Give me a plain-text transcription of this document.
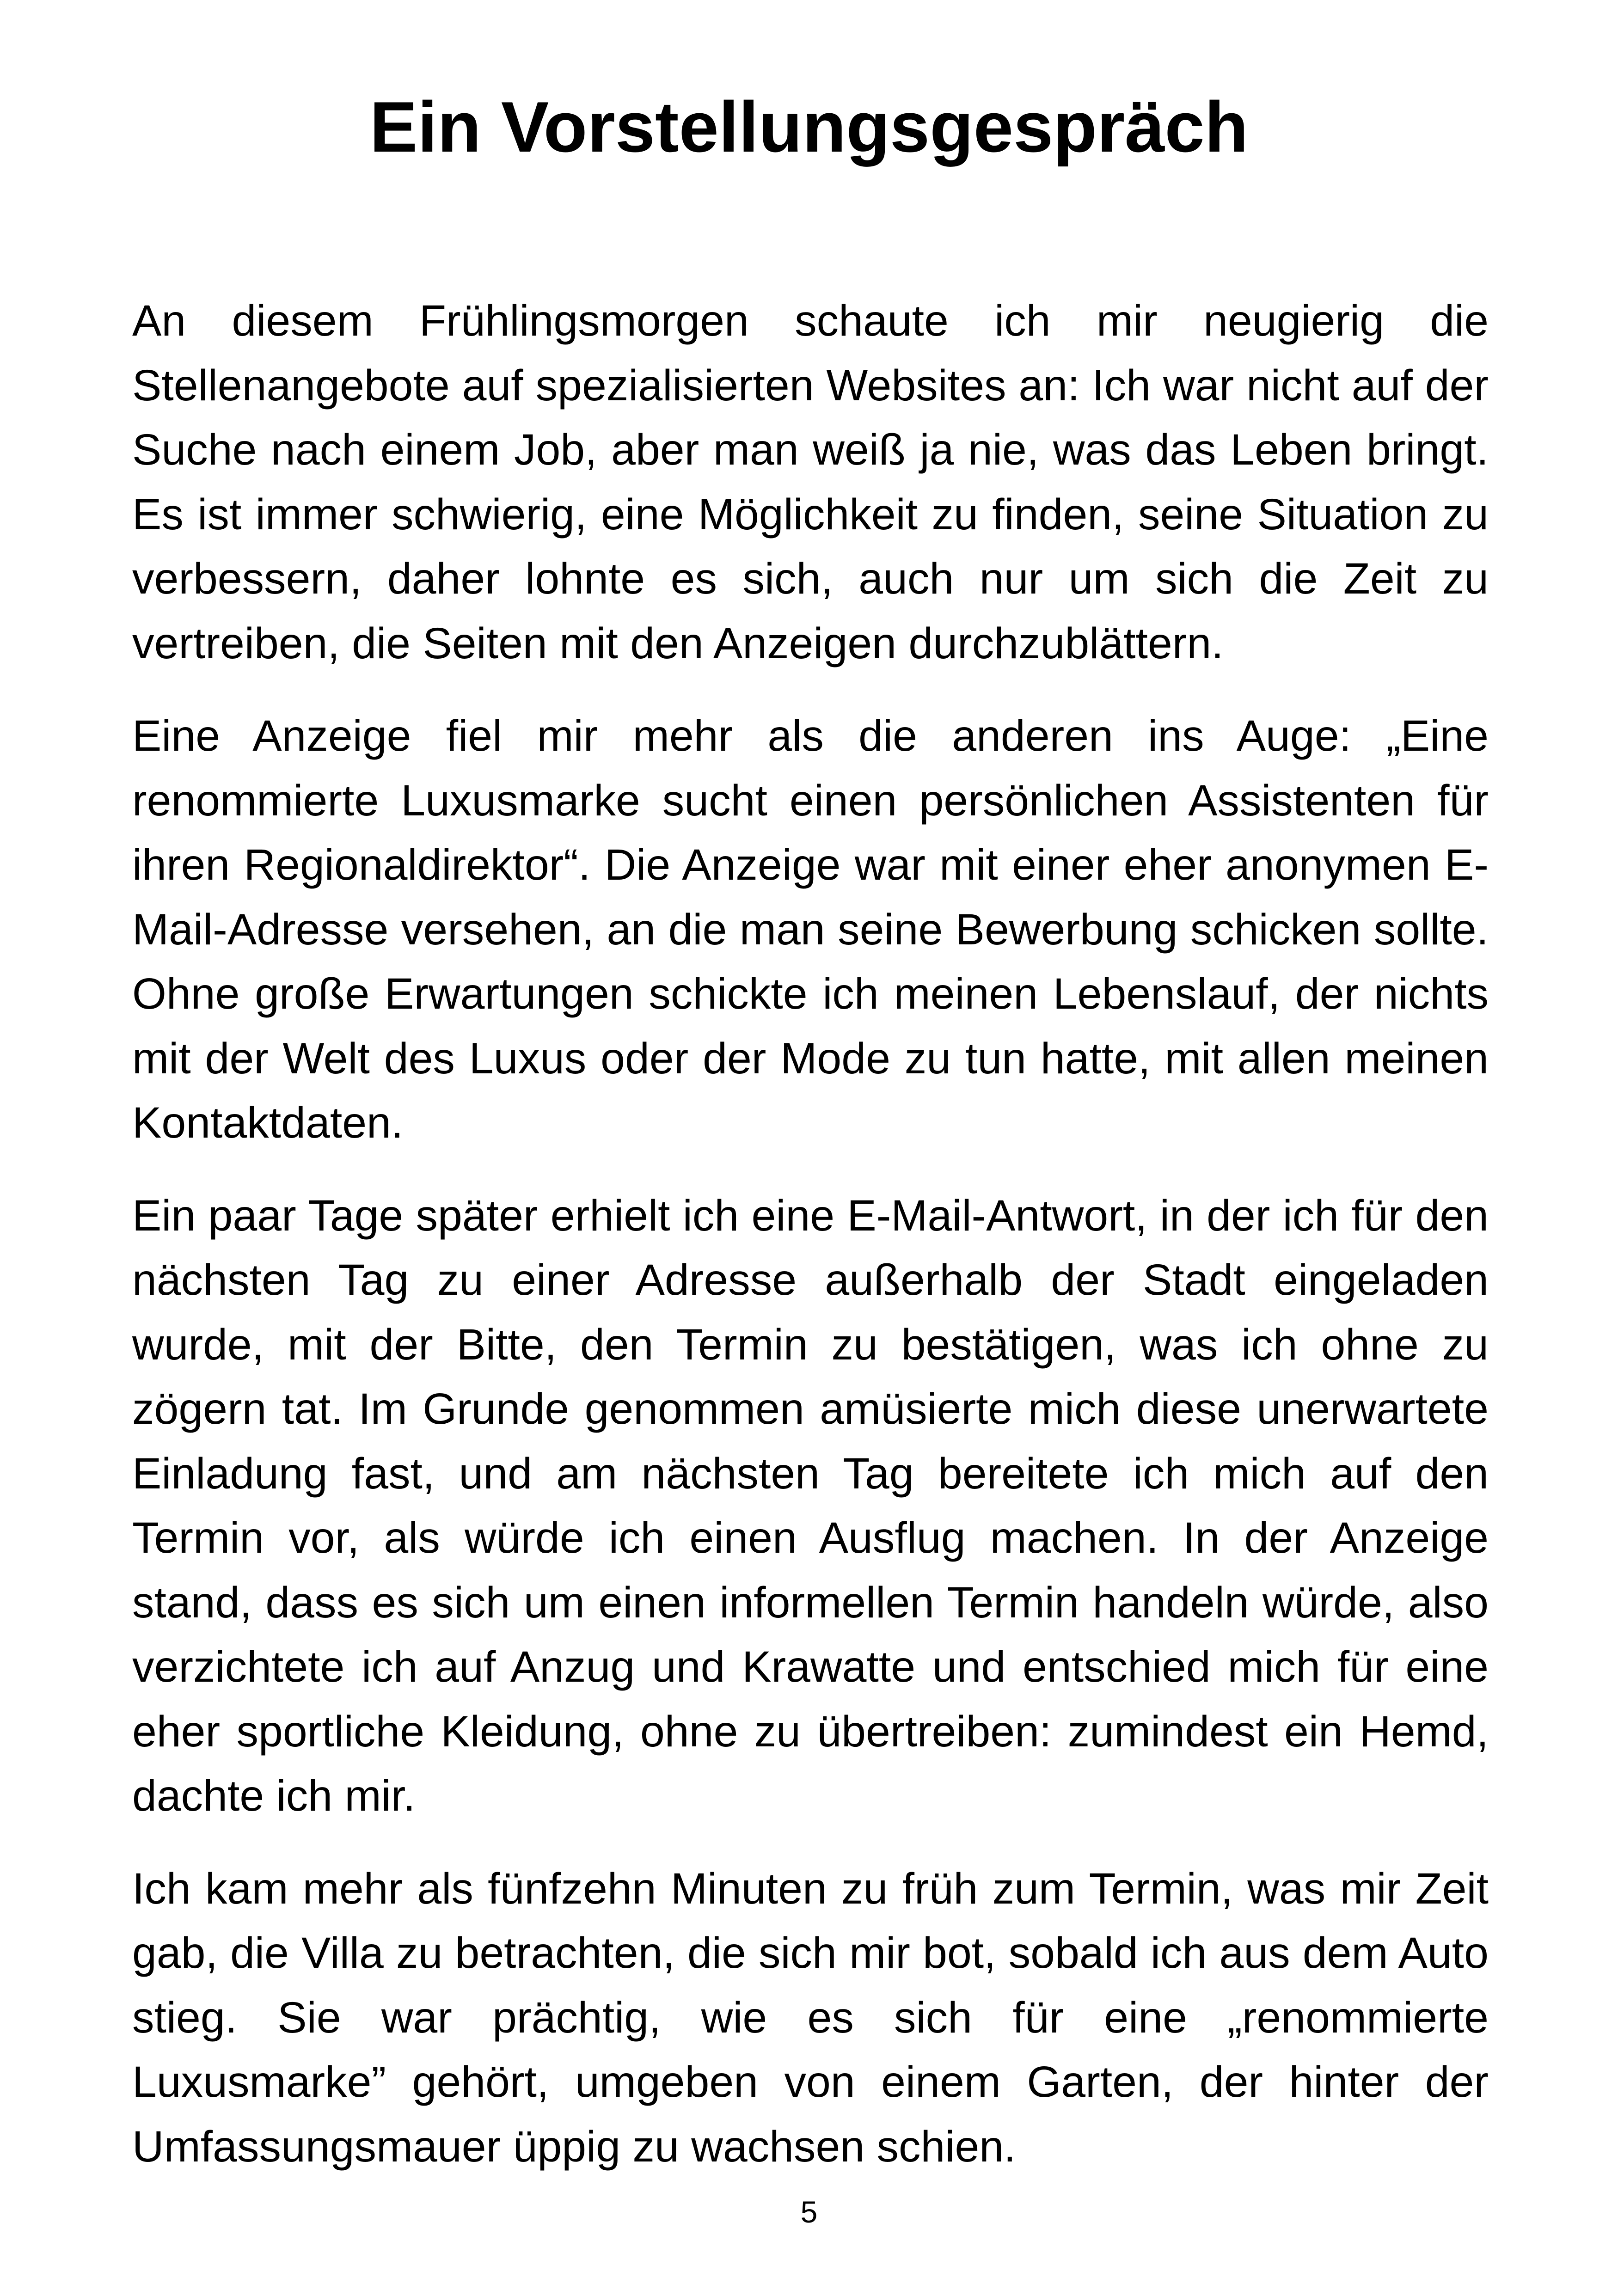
Ein Vorstellungsgespräch

An diesem Frühlingsmorgen schaute ich mir neugierig die Stellenangebote auf spezialisierten Websites an: Ich war nicht auf der Suche nach einem Job, aber man weiß ja nie, was das Leben bringt. Es ist immer schwierig, eine Möglichkeit zu finden, seine Situation zu verbessern, daher lohnte es sich, auch nur um sich die Zeit zu vertreiben, die Seiten mit den Anzeigen durchzublättern.

Eine Anzeige fiel mir mehr als die anderen ins Auge: „Eine renommierte Luxusmarke sucht einen persönlichen Assistenten für ihren Regionaldirektor“. Die Anzeige war mit einer eher anonymen E-Mail-Adresse versehen, an die man seine Bewerbung schicken sollte. Ohne große Erwartungen schickte ich meinen Lebenslauf, der nichts mit der Welt des Luxus oder der Mode zu tun hatte, mit allen meinen Kontaktdaten.

Ein paar Tage später erhielt ich eine E-Mail-Antwort, in der ich für den nächsten Tag zu einer Adresse außerhalb der Stadt eingeladen wurde, mit der Bitte, den Termin zu bestätigen, was ich ohne zu zögern tat. Im Grunde genommen amüsierte mich diese unerwartete Einladung fast, und am nächsten Tag bereitete ich mich auf den Termin vor, als würde ich einen Ausflug machen. In der Anzeige stand, dass es sich um einen informellen Termin handeln würde, also verzichtete ich auf Anzug und Krawatte und entschied mich für eine eher sportliche Kleidung, ohne zu übertreiben: zumindest ein Hemd, dachte ich mir.

Ich kam mehr als fünfzehn Minuten zu früh zum Termin, was mir Zeit gab, die Villa zu betrachten, die sich mir bot, sobald ich aus dem Auto stieg. Sie war prächtig, wie es sich für eine „renommierte Luxusmarke” gehört, umgeben von einem Garten, der hinter der Umfassungsmauer üppig zu wachsen schien.

5
